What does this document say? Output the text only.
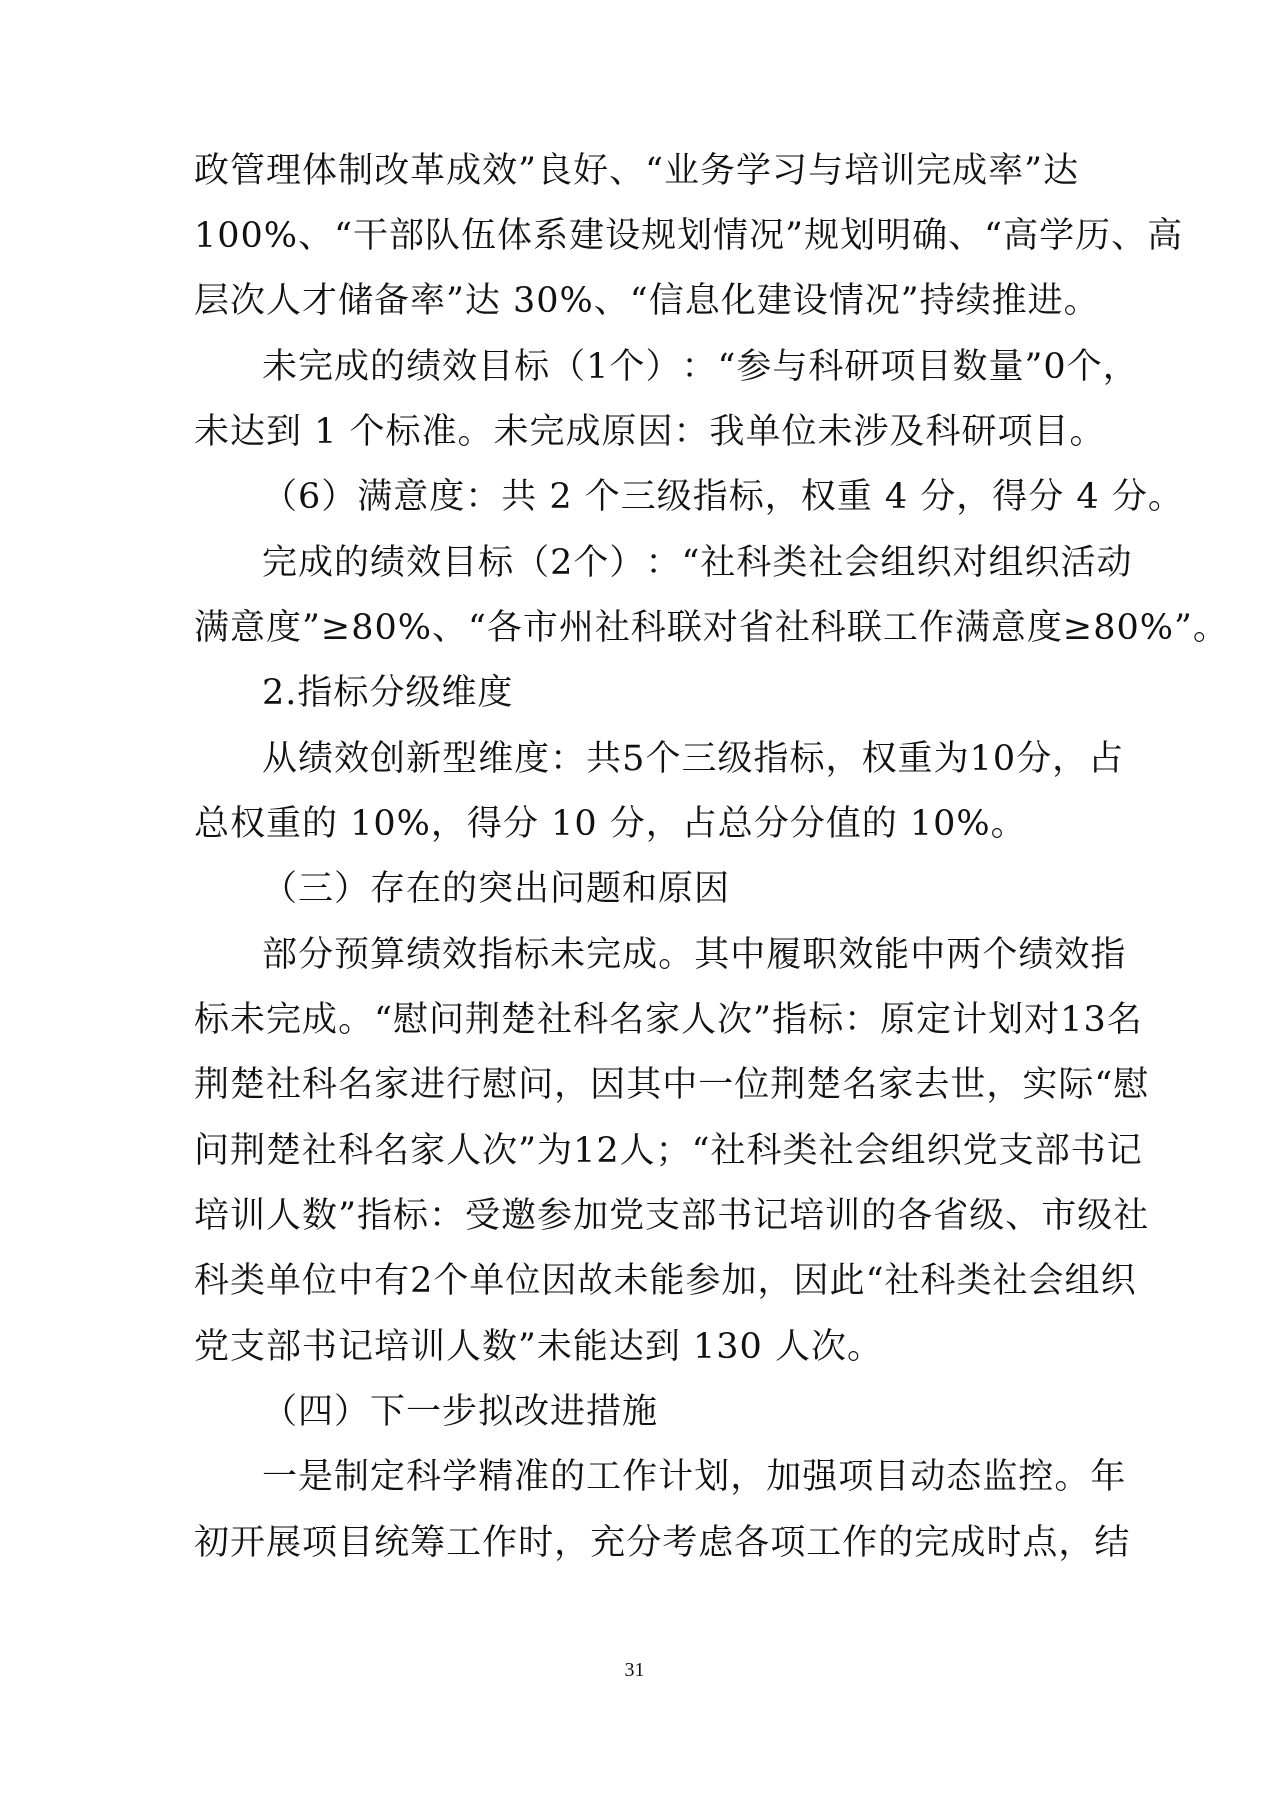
政 管 理 体 制 改 革 成 效 ” 良 好 、 “ 业 务 学 习 与 培 训 完 成 率 ” 达
100% 、 “ 干 部 队 伍 体 系 建 设 规 划 情 况 ” 规 划 明 确 、 “ 高 学 历 、 高
层次人才储备率”达 30%、“信息化建设情况”持续推进。
未 完 成 的 绩 效 目 标 （ 1 个 ） ： “ 参 与 科 研 项 目 数 量 ” 0 个 ，
未达到 1 个标准。未完成原因：我单位未涉及科研项目。
（6）满意度：共 2 个三级指标，权重 4 分，得分 4 分。
完 成 的 绩 效 目 标 （ 2 个 ） ： “ 社 科 类 社 会 组 织 对 组 织 活 动
满意度”≥80%、“各市州社科联对省社科联工作满意度≥80%”。
2.指标分级维度
从 绩 效 创 新 型 维 度 ： 共 5 个 三 级 指 标 ， 权 重 为 10 分 ， 占
总权重的 10%，得分 10 分，占总分分值的 10%。
（三）存在的突出问题和原因
部 分 预 算 绩 效 指 标 未 完 成 。 其 中 履 职 效 能 中 两 个 绩 效 指
标 未 完 成 。 “ 慰 问 荆 楚 社 科 名 家 人 次 ” 指 标 ： 原 定 计 划 对 13 名
荆 楚 社 科 名 家 进 行 慰 问 ， 因 其 中 一 位 荆 楚 名 家 去 世 ， 实 际 “ 慰
问 荆 楚 社 科 名 家 人 次 ” 为 12 人 ； “ 社 科 类 社 会 组 织 党 支 部 书 记
培 训 人 数 ” 指 标 ： 受 邀 参 加 党 支 部 书 记 培 训 的 各 省 级 、 市 级 社
科 类 单 位 中 有 2 个 单 位 因 故 未 能 参 加 ， 因 此 “ 社 科 类 社 会 组 织
党支部书记培训人数”未能达到 130 人次。
（四）下一步拟改进措施
一 是 制 定 科 学 精 准 的 工 作 计 划 ， 加 强 项 目 动 态 监 控 。 年
初 开 展 项 目 统 筹 工 作 时 ， 充 分 考 虑 各 项 工 作 的 完 成 时 点 ， 结
31
